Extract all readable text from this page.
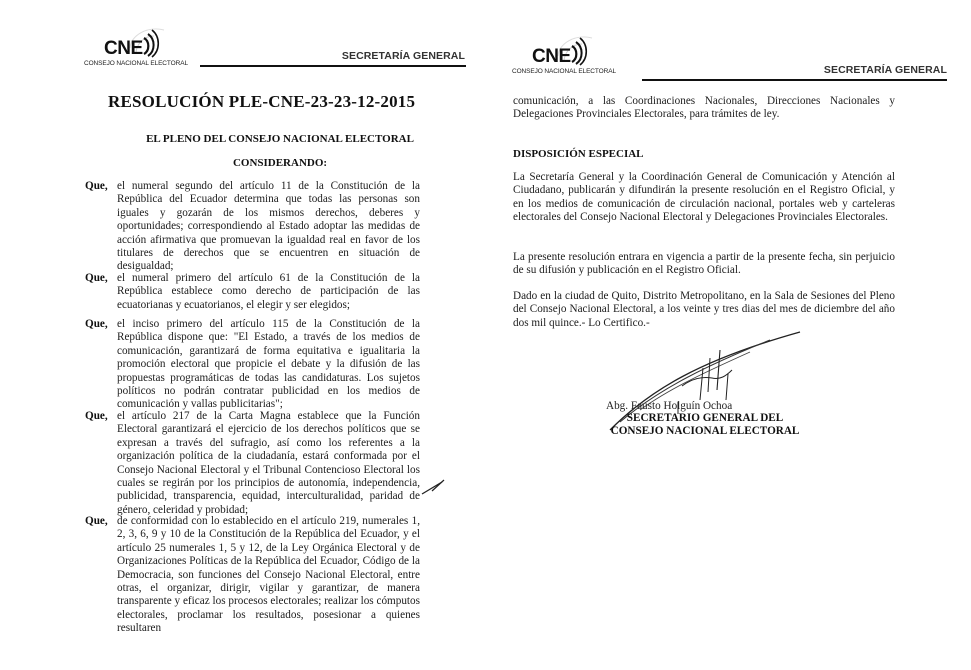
CNE
CONSEJO NACIONAL ELECTORAL
SECRETARÍA GENERAL
RESOLUCIÓN PLE-CNE-23-23-12-2015
EL PLENO DEL CONSEJO NACIONAL ELECTORAL
CONSIDERANDO:
Que, el numeral segundo del artículo 11 de la Constitución de la República del Ecuador determina que todas las personas son iguales y gozarán de los mismos derechos, deberes y oportunidades; correspondiendo al Estado adoptar las medidas de acción afirmativa que promuevan la igualdad real en favor de los titulares de derechos que se encuentren en situación de desigualdad;
Que, el numeral primero del artículo 61 de la Constitución de la República establece como derecho de participación de las ecuatorianas y ecuatorianos, el elegir y ser elegidos;
Que, el inciso primero del artículo 115 de la Constitución de la República dispone que: "El Estado, a través de los medios de comunicación, garantizará de forma equitativa e igualitaria la promoción electoral que propicie el debate y la difusión de las propuestas programáticas de todas las candidaturas. Los sujetos políticos no podrán contratar publicidad en los medios de comunicación y vallas publicitarias";
Que, el artículo 217 de la Carta Magna establece que la Función Electoral garantizará el ejercicio de los derechos políticos que se expresan a través del sufragio, así como los referentes a la organización política de la ciudadanía, estará conformada por el Consejo Nacional Electoral y el Tribunal Contencioso Electoral los cuales se regirán por los principios de autonomía, independencia, publicidad, transparencia, equidad, interculturalidad, paridad de género, celeridad y probidad;
Que, de conformidad con lo establecido en el artículo 219, numerales 1, 2, 3, 6, 9 y 10 de la Constitución de la República del Ecuador, y el artículo 25 numerales 1, 5 y 12, de la Ley Orgánica Electoral y de Organizaciones Políticas de la República del Ecuador, Código de la Democracia, son funciones del Consejo Nacional Electoral, entre otras, el organizar, dirigir, vigilar y garantizar, de manera transparente y eficaz los procesos electorales; realizar los cómputos electorales, proclamar los resultados, posesionar a quienes resultaren
CNE
CONSEJO NACIONAL ELECTORAL	SECRETARÍA GENERAL
comunicación, a las Coordinaciones Nacionales, Direcciones Nacionales y Delegaciones Provinciales Electorales, para trámites de ley.
DISPOSICIÓN ESPECIAL
La Secretaría General y la Coordinación General de Comunicación y Atención al Ciudadano, publicarán y difundirán la presente resolución en el Registro Oficial, y en los medios de comunicación de circulación nacional, portales web y carteleras electorales del Consejo Nacional Electoral y Delegaciones Provinciales Electorales.
La presente resolución entrara en vigencia a partir de la presente fecha, sin perjuicio de su difusión y publicación en el Registro Oficial.
Dado en la ciudad de Quito, Distrito Metropolitano, en la Sala de Sesiones del Pleno del Consejo Nacional Electoral, a los veinte y tres dias del mes de diciembre del año dos mil quince.- Lo Certifico.-
Abg. Fausto Holguín Ochoa
SECRETARIO GENERAL DEL
CONSEJO NACIONAL ELECTORAL
